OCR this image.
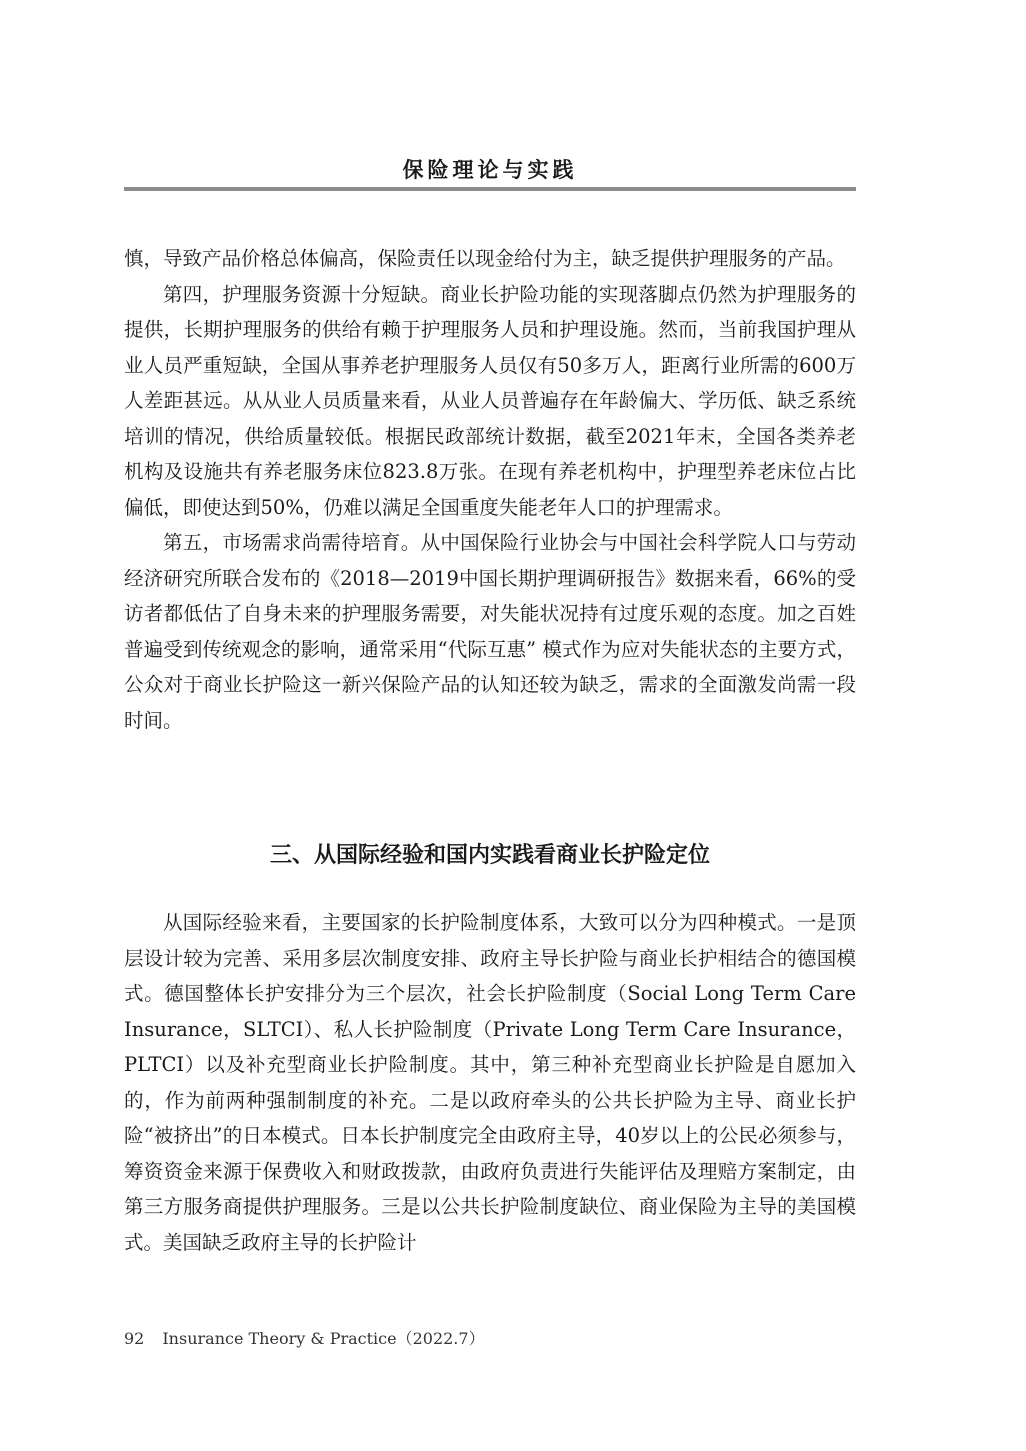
保险理论与实践

慎，导致产品价格总体偏高，保险责任以现金给付为主，缺乏提供护理服务的产品。

第四，护理服务资源十分短缺。商业长护险功能的实现落脚点仍然为护理服务的提供，长期护理服务的供给有赖于护理服务人员和护理设施。然而，当前我国护理从业人员严重短缺，全国从事养老护理服务人员仅有50多万人，距离行业所需的600万人差距甚远。从从业人员质量来看，从业人员普遍存在年龄偏大、学历低、缺乏系统培训的情况，供给质量较低。根据民政部统计数据，截至2021年末，全国各类养老机构及设施共有养老服务床位823.8万张。在现有养老机构中，护理型养老床位占比偏低，即使达到50%，仍难以满足全国重度失能老年人口的护理需求。

第五，市场需求尚需待培育。从中国保险行业协会与中国社会科学院人口与劳动经济研究所联合发布的《2018—2019中国长期护理调研报告》数据来看，66%的受访者都低估了自身未来的护理服务需要，对失能状况持有过度乐观的态度。加之百姓普遍受到传统观念的影响，通常采用“代际互惠” 模式作为应对失能状态的主要方式，公众对于商业长护险这一新兴保险产品的认知还较为缺乏，需求的全面激发尚需一段时间。

三、从国际经验和国内实践看商业长护险定位

从国际经验来看，主要国家的长护险制度体系，大致可以分为四种模式。一是顶层设计较为完善、采用多层次制度安排、政府主导长护险与商业长护相结合的德国模式。德国整体长护安排分为三个层次，社会长护险制度（Social Long Term Care Insurance，SLTCI）、私人长护险制度（Private Long Term Care Insurance，PLTCI）以及补充型商业长护险制度。其中，第三种补充型商业长护险是自愿加入的，作为前两种强制制度的补充。二是以政府牵头的公共长护险为主导、商业长护险“被挤出”的日本模式。日本长护制度完全由政府主导，40岁以上的公民必须参与，筹资资金来源于保费收入和财政拨款，由政府负责进行失能评估及理赔方案制定，由第三方服务商提供护理服务。三是以公共长护险制度缺位、商业保险为主导的美国模式。美国缺乏政府主导的长护险计

92 Insurance Theory & Practice（2022.7）
